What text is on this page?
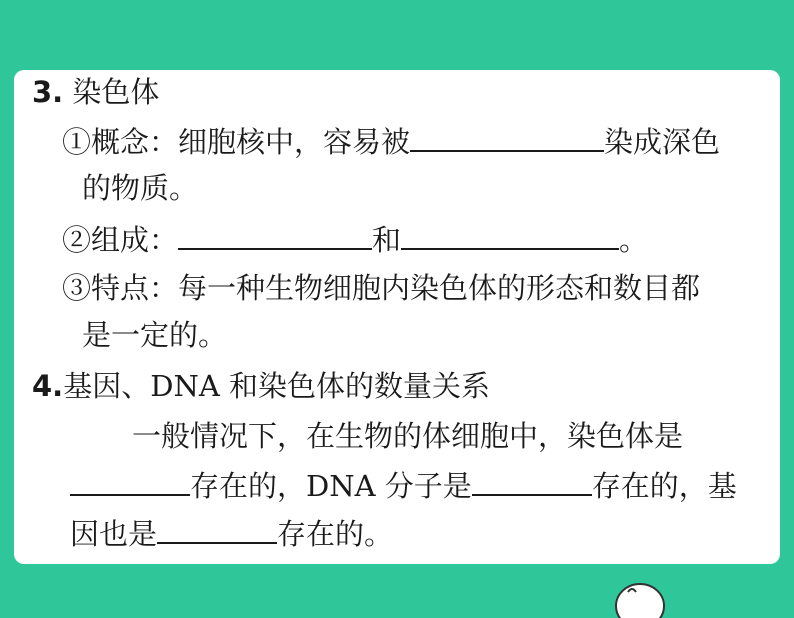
3. 染色体
①概念：细胞核中，容易被	染成深色
的物质。
②组成：	和	。
③特点：每一种生物细胞内染色体的形态和数目都
是一定的。
4.基因、DNA 和染色体的数量关系
一般情况下，在生物的体细胞中，染色体是
存在的，DNA 分子是	存在的，基
因也是	存在的。
